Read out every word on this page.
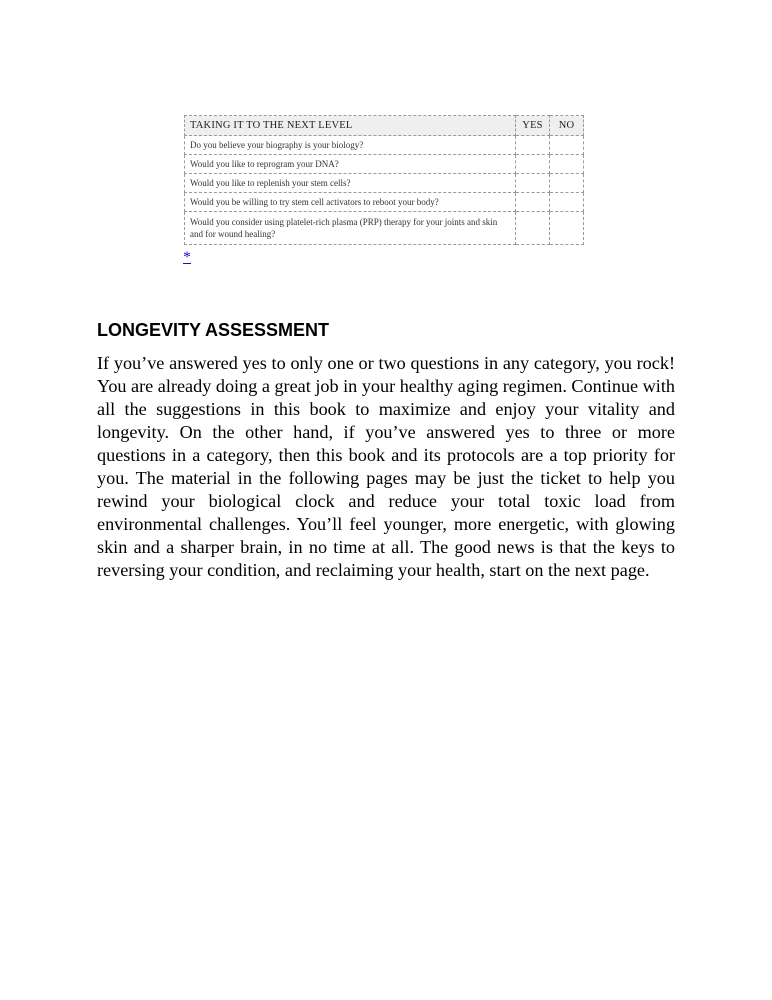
TAKING IT TO THE NEXT LEVEL	YES	NO
Do you believe your biography is your biology?		
Would you like to reprogram your DNA?		
Would you like to replenish your stem cells?		
Would you be willing to try stem cell activators to reboot your body?		
Would you consider using platelet-rich plasma (PRP) therapy for your joints and skin and for wound healing?		
*
LONGEVITY ASSESSMENT

If you’ve answered yes to only one or two questions in any category, you rock! You are already doing a great job in your healthy aging regimen. Continue with all the suggestions in this book to maximize and enjoy your vitality and longevity. On the other hand, if you’ve answered yes to three or more questions in a category, then this book and its protocols are a top priority for you. The material in the following pages may be just the ticket to help you rewind your biological clock and reduce your total toxic load from environmental challenges. You’ll feel younger, more energetic, with glowing skin and a sharper brain, in no time at all. The good news is that the keys to reversing your condition, and reclaiming your health, start on the next page.
